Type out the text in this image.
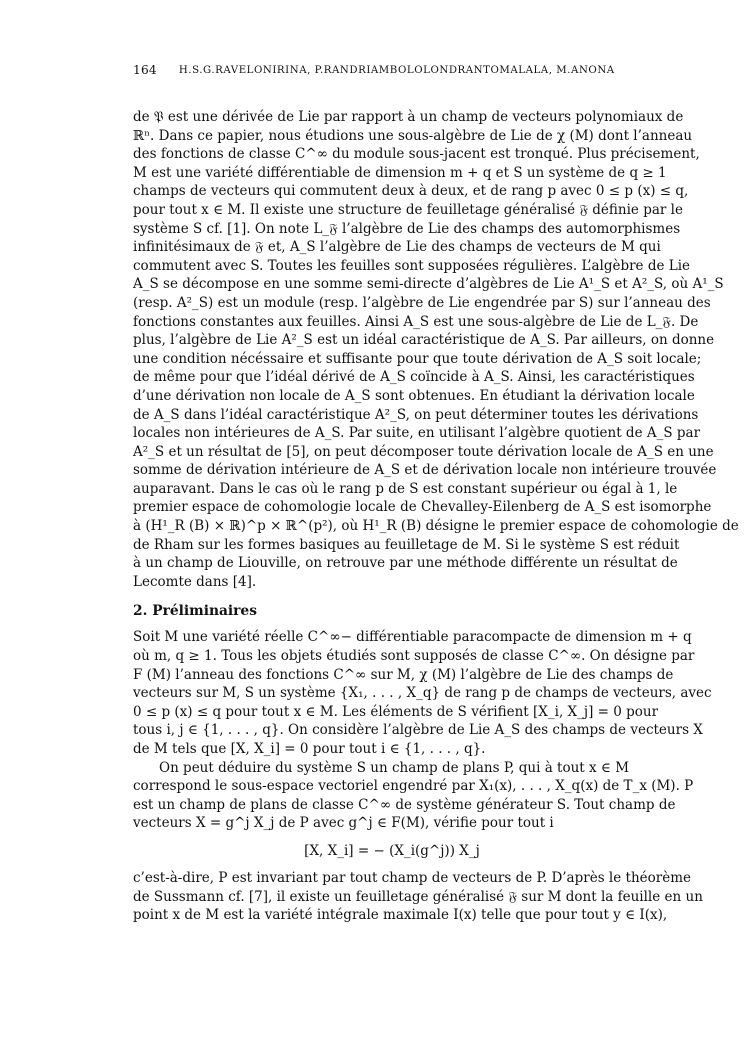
164 H.S.G.RAVELONIRINA, P.RANDRIAMBOLOLONDRANTOMALALA, M.ANONA
de 𝔓 est une dérivée de Lie par rapport à un champ de vecteurs polynomiaux de
ℝⁿ. Dans ce papier, nous étudions une sous-algèbre de Lie de χ (M) dont l’anneau
des fonctions de classe C^∞ du module sous-jacent est tronqué. Plus précisement,
M est une variété différentiable de dimension m + q et S un système de q ≥ 1
champs de vecteurs qui commutent deux à deux, et de rang p avec 0 ≤ p (x) ≤ q,
pour tout x ∈ M. Il existe une structure de feuilletage généralisé 𝔉 définie par le
système S cf. [1]. On note L_𝔉 l’algèbre de Lie des champs des automorphismes
infinitésimaux de 𝔉 et, A_S l’algèbre de Lie des champs de vecteurs de M qui
commutent avec S. Toutes les feuilles sont supposées régulières. L’algèbre de Lie
A_S se décompose en une somme semi-directe d’algèbres de Lie A¹_S et A²_S, où A¹_S
(resp. A²_S) est un module (resp. l’algèbre de Lie engendrée par S) sur l’anneau des
fonctions constantes aux feuilles. Ainsi A_S est une sous-algèbre de Lie de L_𝔉. De
plus, l’algèbre de Lie A²_S est un idéal caractéristique de A_S. Par ailleurs, on donne
une condition nécéssaire et suffisante pour que toute dérivation de A_S soit locale;
de même pour que l’idéal dérivé de A_S coïncide à A_S. Ainsi, les caractéristiques
d’une dérivation non locale de A_S sont obtenues. En étudiant la dérivation locale
de A_S dans l’idéal caractéristique A²_S, on peut déterminer toutes les dérivations
locales non intérieures de A_S. Par suite, en utilisant l’algèbre quotient de A_S par
A²_S et un résultat de [5], on peut décomposer toute dérivation locale de A_S en une
somme de dérivation intérieure de A_S et de dérivation locale non intérieure trouvée
auparavant. Dans le cas où le rang p de S est constant supérieur ou égal à 1, le
premier espace de cohomologie locale de Chevalley-Eilenberg de A_S est isomorphe
à (H¹_R (B) × ℝ)^p × ℝ^(p²), où H¹_R (B) désigne le premier espace de cohomologie de
de Rham sur les formes basiques au feuilletage de M. Si le système S est réduit
à un champ de Liouville, on retrouve par une méthode différente un résultat de
Lecomte dans [4].
2. Préliminaires
Soit M une variété réelle C^∞− différentiable paracompacte de dimension m + q
où m, q ≥ 1. Tous les objets étudiés sont supposés de classe C^∞. On désigne par
F (M) l’anneau des fonctions C^∞ sur M, χ (M) l’algèbre de Lie des champs de
vecteurs sur M, S un système {X₁, . . . , X_q} de rang p de champs de vecteurs, avec
0 ≤ p (x) ≤ q pour tout x ∈ M. Les éléments de S vérifient [X_i, X_j] = 0 pour
tous i, j ∈ {1, . . . , q}. On considère l’algèbre de Lie A_S des champs de vecteurs X
de M tels que [X, X_i] = 0 pour tout i ∈ {1, . . . , q}.
On peut déduire du système S un champ de plans P, qui à tout x ∈ M
correspond le sous-espace vectoriel engendré par X₁(x), . . . , X_q(x) de T_x (M). P
est un champ de plans de classe C^∞ de système générateur S. Tout champ de
vecteurs X = g^j X_j de P avec g^j ∈ F(M), vérifie pour tout i
[X, X_i] = − (X_i(g^j)) X_j
c’est-à-dire, P est invariant par tout champ de vecteurs de P. D’après le théorème
de Sussmann cf. [7], il existe un feuilletage généralisé 𝔉 sur M dont la feuille en un
point x de M est la variété intégrale maximale I(x) telle que pour tout y ∈ I(x),
